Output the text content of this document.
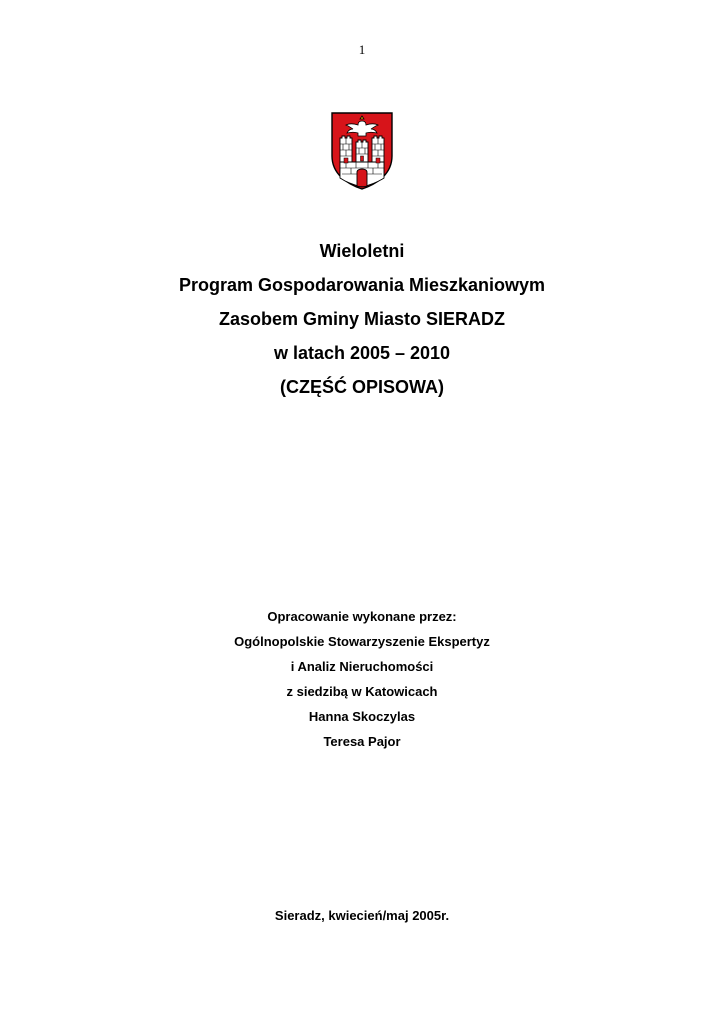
1
Wieloletni
Program Gospodarowania Mieszkaniowym
Zasobem Gminy Miasto SIERADZ
w latach 2005 – 2010
(CZĘŚĆ OPISOWA)
Opracowanie wykonane przez:
Ogólnopolskie Stowarzyszenie Ekspertyz
i Analiz Nieruchomości
z siedzibą w Katowicach
Hanna Skoczylas
Teresa Pajor
Sieradz, kwiecień/maj 2005r.
